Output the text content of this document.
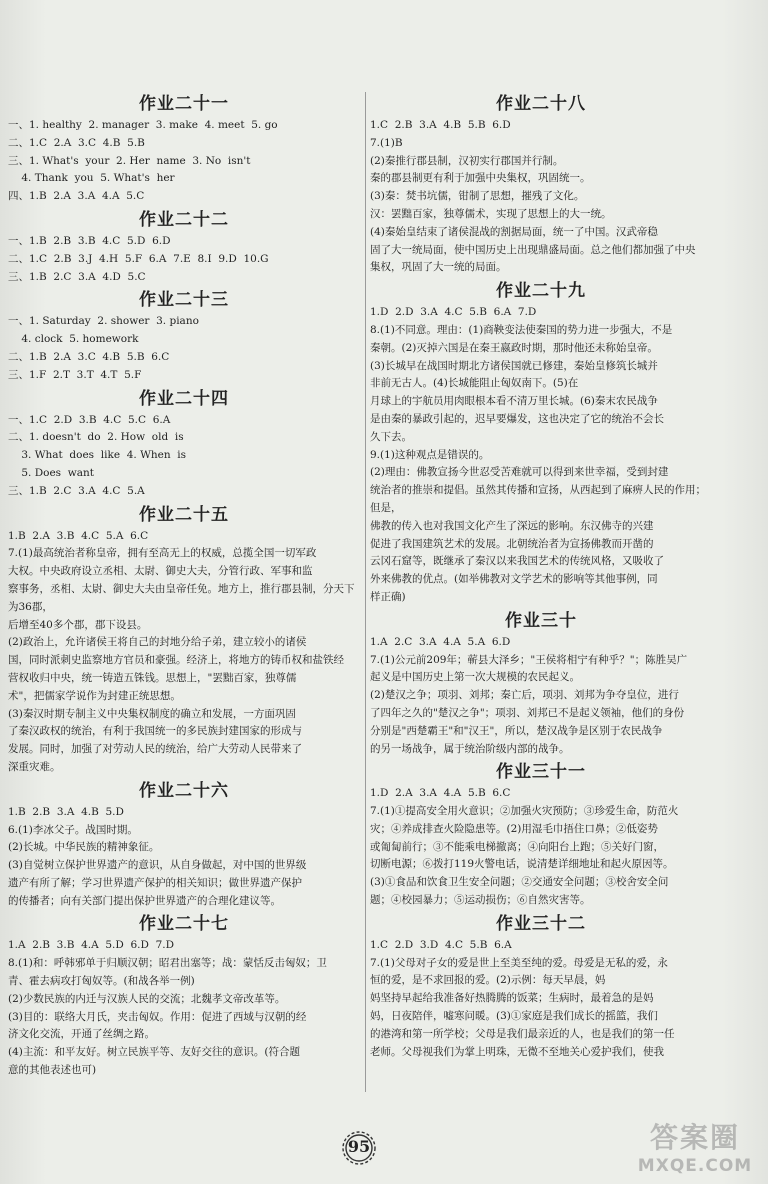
作业二十一
一、1. healthy  2. manager  3. make  4. meet  5. go
二、1.C  2.A  3.C  4.B  5.B
三、1. What's  your  2. Her  name  3. No  isn't
4. Thank  you  5. What's  her
四、1.B  2.A  3.A  4.A  5.C
作业二十二
一、1.B  2.B  3.B  4.C  5.D  6.D
二、1.C  2.B  3.J  4.H  5.F  6.A  7.E  8.I  9.D  10.G
三、1.B  2.C  3.A  4.D  5.C
作业二十三
一、1. Saturday  2. shower  3. piano
4. clock  5. homework
二、1.B  2.A  3.C  4.B  5.B  6.C
三、1.F  2.T  3.T  4.T  5.F
作业二十四
一、1.C  2.D  3.B  4.C  5.C  6.A
二、1. doesn't  do  2. How  old  is
3. What  does  like  4. When  is
5. Does  want
三、1.B  2.C  3.A  4.C  5.A
作业二十五
1.B  2.A  3.B  4.C  5.A  6.C
7.(1)最高统治者称皇帝，拥有至高无上的权威，总揽全国一切军政
大权。中央政府设立丞相、太尉、御史大夫，分管行政、军事和监
察事务，丞相、太尉、御史大夫由皇帝任免。地方上，推行郡县制，分天下为36郡，
后增至40多个郡，郡下设县。
(2)政治上，允许诸侯王将自己的封地分给子弟，建立较小的诸侯
国，同时派刺史监察地方官员和豪强。经济上，将地方的铸币权和盐铁经
营权收归中央，统一铸造五铢钱。思想上，"罢黜百家，独尊儒
术"，把儒家学说作为封建正统思想。
(3)秦汉时期专制主义中央集权制度的确立和发展，一方面巩固
了秦汉政权的统治，有利于我国统一的多民族封建国家的形成与
发展。同时，加强了对劳动人民的统治，给广大劳动人民带来了
深重灾难。
作业二十六
1.B  2.B  3.A  4.B  5.D
6.(1)李冰父子。战国时期。
(2)长城。中华民族的精神象征。
(3)自觉树立保护世界遗产的意识，从自身做起，对中国的世界级
遗产有所了解；学习世界遗产保护的相关知识；做世界遗产保护
的传播者；向有关部门提出保护世界遗产的合理化建议等。
作业二十七
1.A  2.B  3.B  4.A  5.D  6.D  7.D
8.(1)和：呼韩邪单于归顺汉朝；昭君出塞等；战：蒙恬反击匈奴；卫
青、霍去病攻打匈奴等。(和战各举一例)
(2)少数民族的内迁与汉族人民的交流；北魏孝文帝改革等。
(3)目的：联络大月氏，夹击匈奴。作用：促进了西域与汉朝的经
济文化交流，开通了丝绸之路。
(4)主流：和平友好。树立民族平等、友好交往的意识。(符合题
意的其他表述也可)
作业二十八
1.C  2.B  3.A  4.B  5.B  6.D
7.(1)B
(2)秦推行郡县制，汉初实行郡国并行制。
秦的郡县制更有利于加强中央集权，巩固统一。
(3)秦：焚书坑儒，钳制了思想，摧残了文化。
汉：罢黜百家，独尊儒术，实现了思想上的大一统。
(4)秦始皇结束了诸侯混战的割据局面，统一了中国。汉武帝稳
固了大一统局面，使中国历史上出现鼎盛局面。总之他们都加强了中央
集权，巩固了大一统的局面。
作业二十九
1.D  2.D  3.A  4.C  5.B  6.A  7.D
8.(1)不同意。理由：(1)商鞅变法使秦国的势力进一步强大，不是
秦朝。(2)灭掉六国是在秦王嬴政时期，那时他还未称始皇帝。
(3)长城早在战国时期北方诸侯国就已修建，秦始皇修筑长城并
非前无古人。(4)长城能阻止匈奴南下。(5)在
月球上的宇航员用肉眼根本看不清万里长城。(6)秦末农民战争
是由秦的暴政引起的，迟早要爆发，这也决定了它的统治不会长
久下去。
9.(1)这种观点是错误的。
(2)理由：佛教宣扬今世忍受苦难就可以得到来世幸福，受到封建
统治者的推崇和提倡。虽然其传播和宣扬，从西起到了麻痹人民的作用；但是，
佛教的传入也对我国文化产生了深远的影响。东汉佛寺的兴建
促进了我国建筑艺术的发展。北朝统治者为宣扬佛教而开凿的
云冈石窟等，既继承了秦汉以来我国艺术的传统风格，又吸收了
外来佛教的优点。(如举佛教对文学艺术的影响等其他事例，同
样正确)
作业三十
1.A  2.C  3.A  4.A  5.A  6.D
7.(1)公元前209年；蕲县大泽乡；"王侯将相宁有种乎？"；陈胜吴广
起义是中国历史上第一次大规模的农民起义。
(2)楚汉之争；项羽、刘邦；秦亡后，项羽、刘邦为争夺皇位，进行
了四年之久的"楚汉之争"；项羽、刘邦已不是起义领袖，他们的身份
分别是"西楚霸王"和"汉王"，所以，楚汉战争是区别于农民战争
的另一场战争，属于统治阶级内部的战争。
作业三十一
1.D  2.A  3.A  4.A  5.B  6.C
7.(1)①提高安全用火意识；②加强火灾预防；③珍爱生命，防范火
灾；④养成排查火险隐患等。(2)用湿毛巾捂住口鼻；②低姿势
或匍匐前行；③不能乘电梯撤离；④向阳台上跑；⑤关好门窗，
切断电源；⑥拨打119火警电话，说清楚详细地址和起火原因等。
(3)①食品和饮食卫生安全问题；②交通安全问题；③校舍安全问
题；④校园暴力；⑤运动损伤；⑥自然灾害等。
作业三十二
1.C  2.D  3.D  4.C  5.B  6.A
7.(1)父母对子女的爱是世上至美至纯的爱。母爱是无私的爱，永
恒的爱，是不求回报的爱。(2)示例：每天早晨，妈
妈坚持早起给我准备好热腾腾的饭菜；生病时，最着急的是妈
妈，日夜陪伴，嘘寒问暖。(3)①家庭是我们成长的摇篮，我们
的港湾和第一所学校；父母是我们最亲近的人，也是我们的第一任
老师。父母视我们为掌上明珠，无微不至地关心爱护我们，使我
95	答案圈
MXQE.COM
